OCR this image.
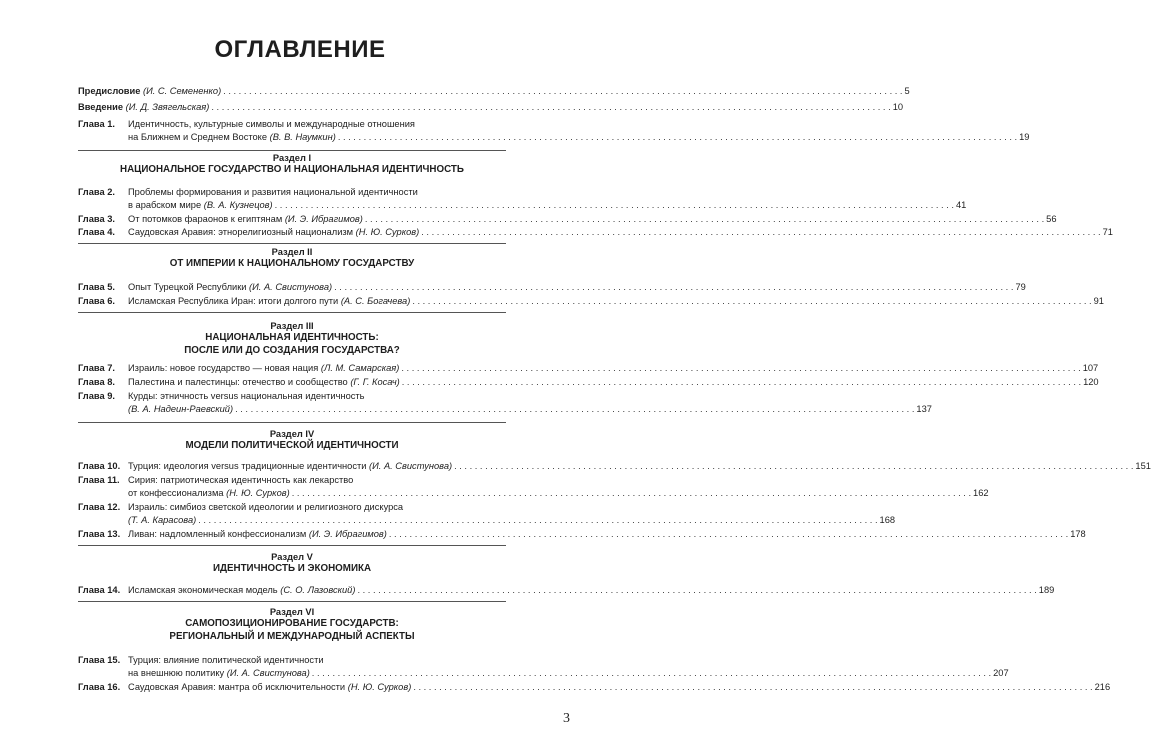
ОГЛАВЛЕНИЕ
Предисловие (И. С. Семененко) . . . . . . . . . . . . . . . . . . . . . . . . . . . . . . . . . . . . . . . . . . . . . . . . . . . . . . . . . . . . . . . . . . . . . . . . . . . . . . . . . . . . . . . . . . . . . . . . . . . . . . . . . . . . . . . . . . . . . . . . . . . . . . . . . . . . 5
Введение (И. Д. Звягельская) . . . . . . . . . . . . . . . . . . . . . . . . . . . . . . . . . . . . . . . . . . . . . . . . . . . . . . . . . . . . . . . . . . . . . . . . . . . . . . . . . . . . . . . . . . . . . . . . . . . . . . . . . . . . . . . . . . . . . . . . . . . . . . . . . . . . 10
Глава 1. Идентичность, культурные символы и международные отношения
на Ближнем и Среднем Востоке (В. В. Наумкин) . . . . . . . . . . . . . . . . . . . . . . . . . . . . . . . . . . . . . . . . . . . . . . . . . . . . . . . . . . . . . . . . . . . . . . . . . . . . . . . . . . . . . . . . . . . . . . . . . . . . . . . . . . . . . . . . . . . . . . . . . . . . . . . . . . . . 19
Раздел I
НАЦИОНАЛЬНОЕ ГОСУДАРСТВО И НАЦИОНАЛЬНАЯ ИДЕНТИЧНОСТЬ
Глава 2. Проблемы формирования и развития национальной идентичности
в арабском мире (В. А. Кузнецов) . . . . . . . . . . . . . . . . . . . . . . . . . . . . . . . . . . . . . . . . . . . . . . . . . . . . . . . . . . . . . . . . . . . . . . . . . . . . . . . . . . . . . . . . . . . . . . . . . . . . . . . . . . . . . . . . . . . . . . . . . . . . . . . . . . . . 41
Глава 3. От потомков фараонов к египтянам (И. Э. Ибрагимов) . . . . . . . . . . . . . . . . . . . . . . . . . . . . . . . . . . . . . . . . . . . . . . . . . . . . . . . . . . . . . . . . . . . . . . . . . . . . . . . . . . . . . . . . . . . . . . . . . . . . . . . . . . . . . . . . . . . . . . . . . . . . . . . . . . . . 56
Глава 4. Саудовская Аравия: этнорелигиозный национализм (Н. Ю. Сурков) . . . . . . . . . . . . . . . . . . . . . . . . . . . . . . . . . . . . . . . . . . . . . . . . . . . . . . . . . . . . . . . . . . . . . . . . . . . . . . . . . . . . . . . . . . . . . . . . . . . . . . . . . . . . . . . . . . . . . . . . . . . . . . . . . . . . 71
Раздел II
ОТ ИМПЕРИИ К НАЦИОНАЛЬНОМУ ГОСУДАРСТВУ
Глава 5. Опыт Турецкой Республики (И. А. Свистунова) . . . . . . . . . . . . . . . . . . . . . . . . . . . . . . . . . . . . . . . . . . . . . . . . . . . . . . . . . . . . . . . . . . . . . . . . . . . . . . . . . . . . . . . . . . . . . . . . . . . . . . . . . . . . . . . . . . . . . . . . . . . . . . . . . . . . 79
Глава 6. Исламская Республика Иран: итоги долгого пути (А. С. Богачева) . . . . . . . . . . . . . . . . . . . . . . . . . . . . . . . . . . . . . . . . . . . . . . . . . . . . . . . . . . . . . . . . . . . . . . . . . . . . . . . . . . . . . . . . . . . . . . . . . . . . . . . . . . . . . . . . . . . . . . . . . . . . . . . . . . . . 91
Раздел III
НАЦИОНАЛЬНАЯ ИДЕНТИЧНОСТЬ:
ПОСЛЕ ИЛИ ДО СОЗДАНИЯ ГОСУДАРСТВА?
Глава 7. Израиль: новое государство — новая нация (Л. М. Самарская) . . . . . . . . . . . . . . . . . . . . . . . . . . . . . . . . . . . . . . . . . . . . . . . . . . . . . . . . . . . . . . . . . . . . . . . . . . . . . . . . . . . . . . . . . . . . . . . . . . . . . . . . . . . . . . . . . . . . . . . . . . . . . . . . . . . . 107
Глава 8. Палестина и палестинцы: отечество и сообщество (Г. Г. Косач) . . . . . . . . . . . . . . . . . . . . . . . . . . . . . . . . . . . . . . . . . . . . . . . . . . . . . . . . . . . . . . . . . . . . . . . . . . . . . . . . . . . . . . . . . . . . . . . . . . . . . . . . . . . . . . . . . . . . . . . . . . . . . . . . . . . . 120
Глава 9. Курды: этничность versus национальная идентичность
(В. А. Надеин-Раевский) . . . . . . . . . . . . . . . . . . . . . . . . . . . . . . . . . . . . . . . . . . . . . . . . . . . . . . . . . . . . . . . . . . . . . . . . . . . . . . . . . . . . . . . . . . . . . . . . . . . . . . . . . . . . . . . . . . . . . . . . . . . . . . . . . . . . 137
Раздел IV
МОДЕЛИ ПОЛИТИЧЕСКОЙ ИДЕНТИЧНОСТИ
Глава 10. Турция: идеология versus традиционные идентичности (И. А. Свистунова) . . . . . . . . . . . . . . . . . . . . . . . . . . . . . . . . . . . . . . . . . . . . . . . . . . . . . . . . . . . . . . . . . . . . . . . . . . . . . . . . . . . . . . . . . . . . . . . . . . . . . . . . . . . . . . . . . . . . . . . . . . . . . . . . . . . . 151
Глава 11. Сирия: патриотическая идентичность как лекарство
от конфессионализма (Н. Ю. Сурков) . . . . . . . . . . . . . . . . . . . . . . . . . . . . . . . . . . . . . . . . . . . . . . . . . . . . . . . . . . . . . . . . . . . . . . . . . . . . . . . . . . . . . . . . . . . . . . . . . . . . . . . . . . . . . . . . . . . . . . . . . . . . . . . . . . . . 162
Глава 12. Израиль: симбиоз светской идеологии и религиозного дискурса
(Т. А. Карасова) . . . . . . . . . . . . . . . . . . . . . . . . . . . . . . . . . . . . . . . . . . . . . . . . . . . . . . . . . . . . . . . . . . . . . . . . . . . . . . . . . . . . . . . . . . . . . . . . . . . . . . . . . . . . . . . . . . . . . . . . . . . . . . . . . . . . 168
Глава 13. Ливан: надломленный конфессионализм (И. Э. Ибрагимов) . . . . . . . . . . . . . . . . . . . . . . . . . . . . . . . . . . . . . . . . . . . . . . . . . . . . . . . . . . . . . . . . . . . . . . . . . . . . . . . . . . . . . . . . . . . . . . . . . . . . . . . . . . . . . . . . . . . . . . . . . . . . . . . . . . . . 178
Раздел V
ИДЕНТИЧНОСТЬ И ЭКОНОМИКА
Глава 14. Исламская экономическая модель (С. О. Лазовский) . . . . . . . . . . . . . . . . . . . . . . . . . . . . . . . . . . . . . . . . . . . . . . . . . . . . . . . . . . . . . . . . . . . . . . . . . . . . . . . . . . . . . . . . . . . . . . . . . . . . . . . . . . . . . . . . . . . . . . . . . . . . . . . . . . . . 189
Раздел VI
САМОПОЗИЦИОНИРОВАНИЕ ГОСУДАРСТВ:
РЕГИОНАЛЬНЫЙ И МЕЖДУНАРОДНЫЙ АСПЕКТЫ
Глава 15. Турция: влияние политической идентичности
на внешнюю политику (И. А. Свистунова) . . . . . . . . . . . . . . . . . . . . . . . . . . . . . . . . . . . . . . . . . . . . . . . . . . . . . . . . . . . . . . . . . . . . . . . . . . . . . . . . . . . . . . . . . . . . . . . . . . . . . . . . . . . . . . . . . . . . . . . . . . . . . . . . . . . . 207
Глава 16. Саудовская Аравия: мантра об исключительности (Н. Ю. Сурков) . . . . . . . . . . . . . . . . . . . . . . . . . . . . . . . . . . . . . . . . . . . . . . . . . . . . . . . . . . . . . . . . . . . . . . . . . . . . . . . . . . . . . . . . . . . . . . . . . . . . . . . . . . . . . . . . . . . . . . . . . . . . . . . . . . . . 216
3
